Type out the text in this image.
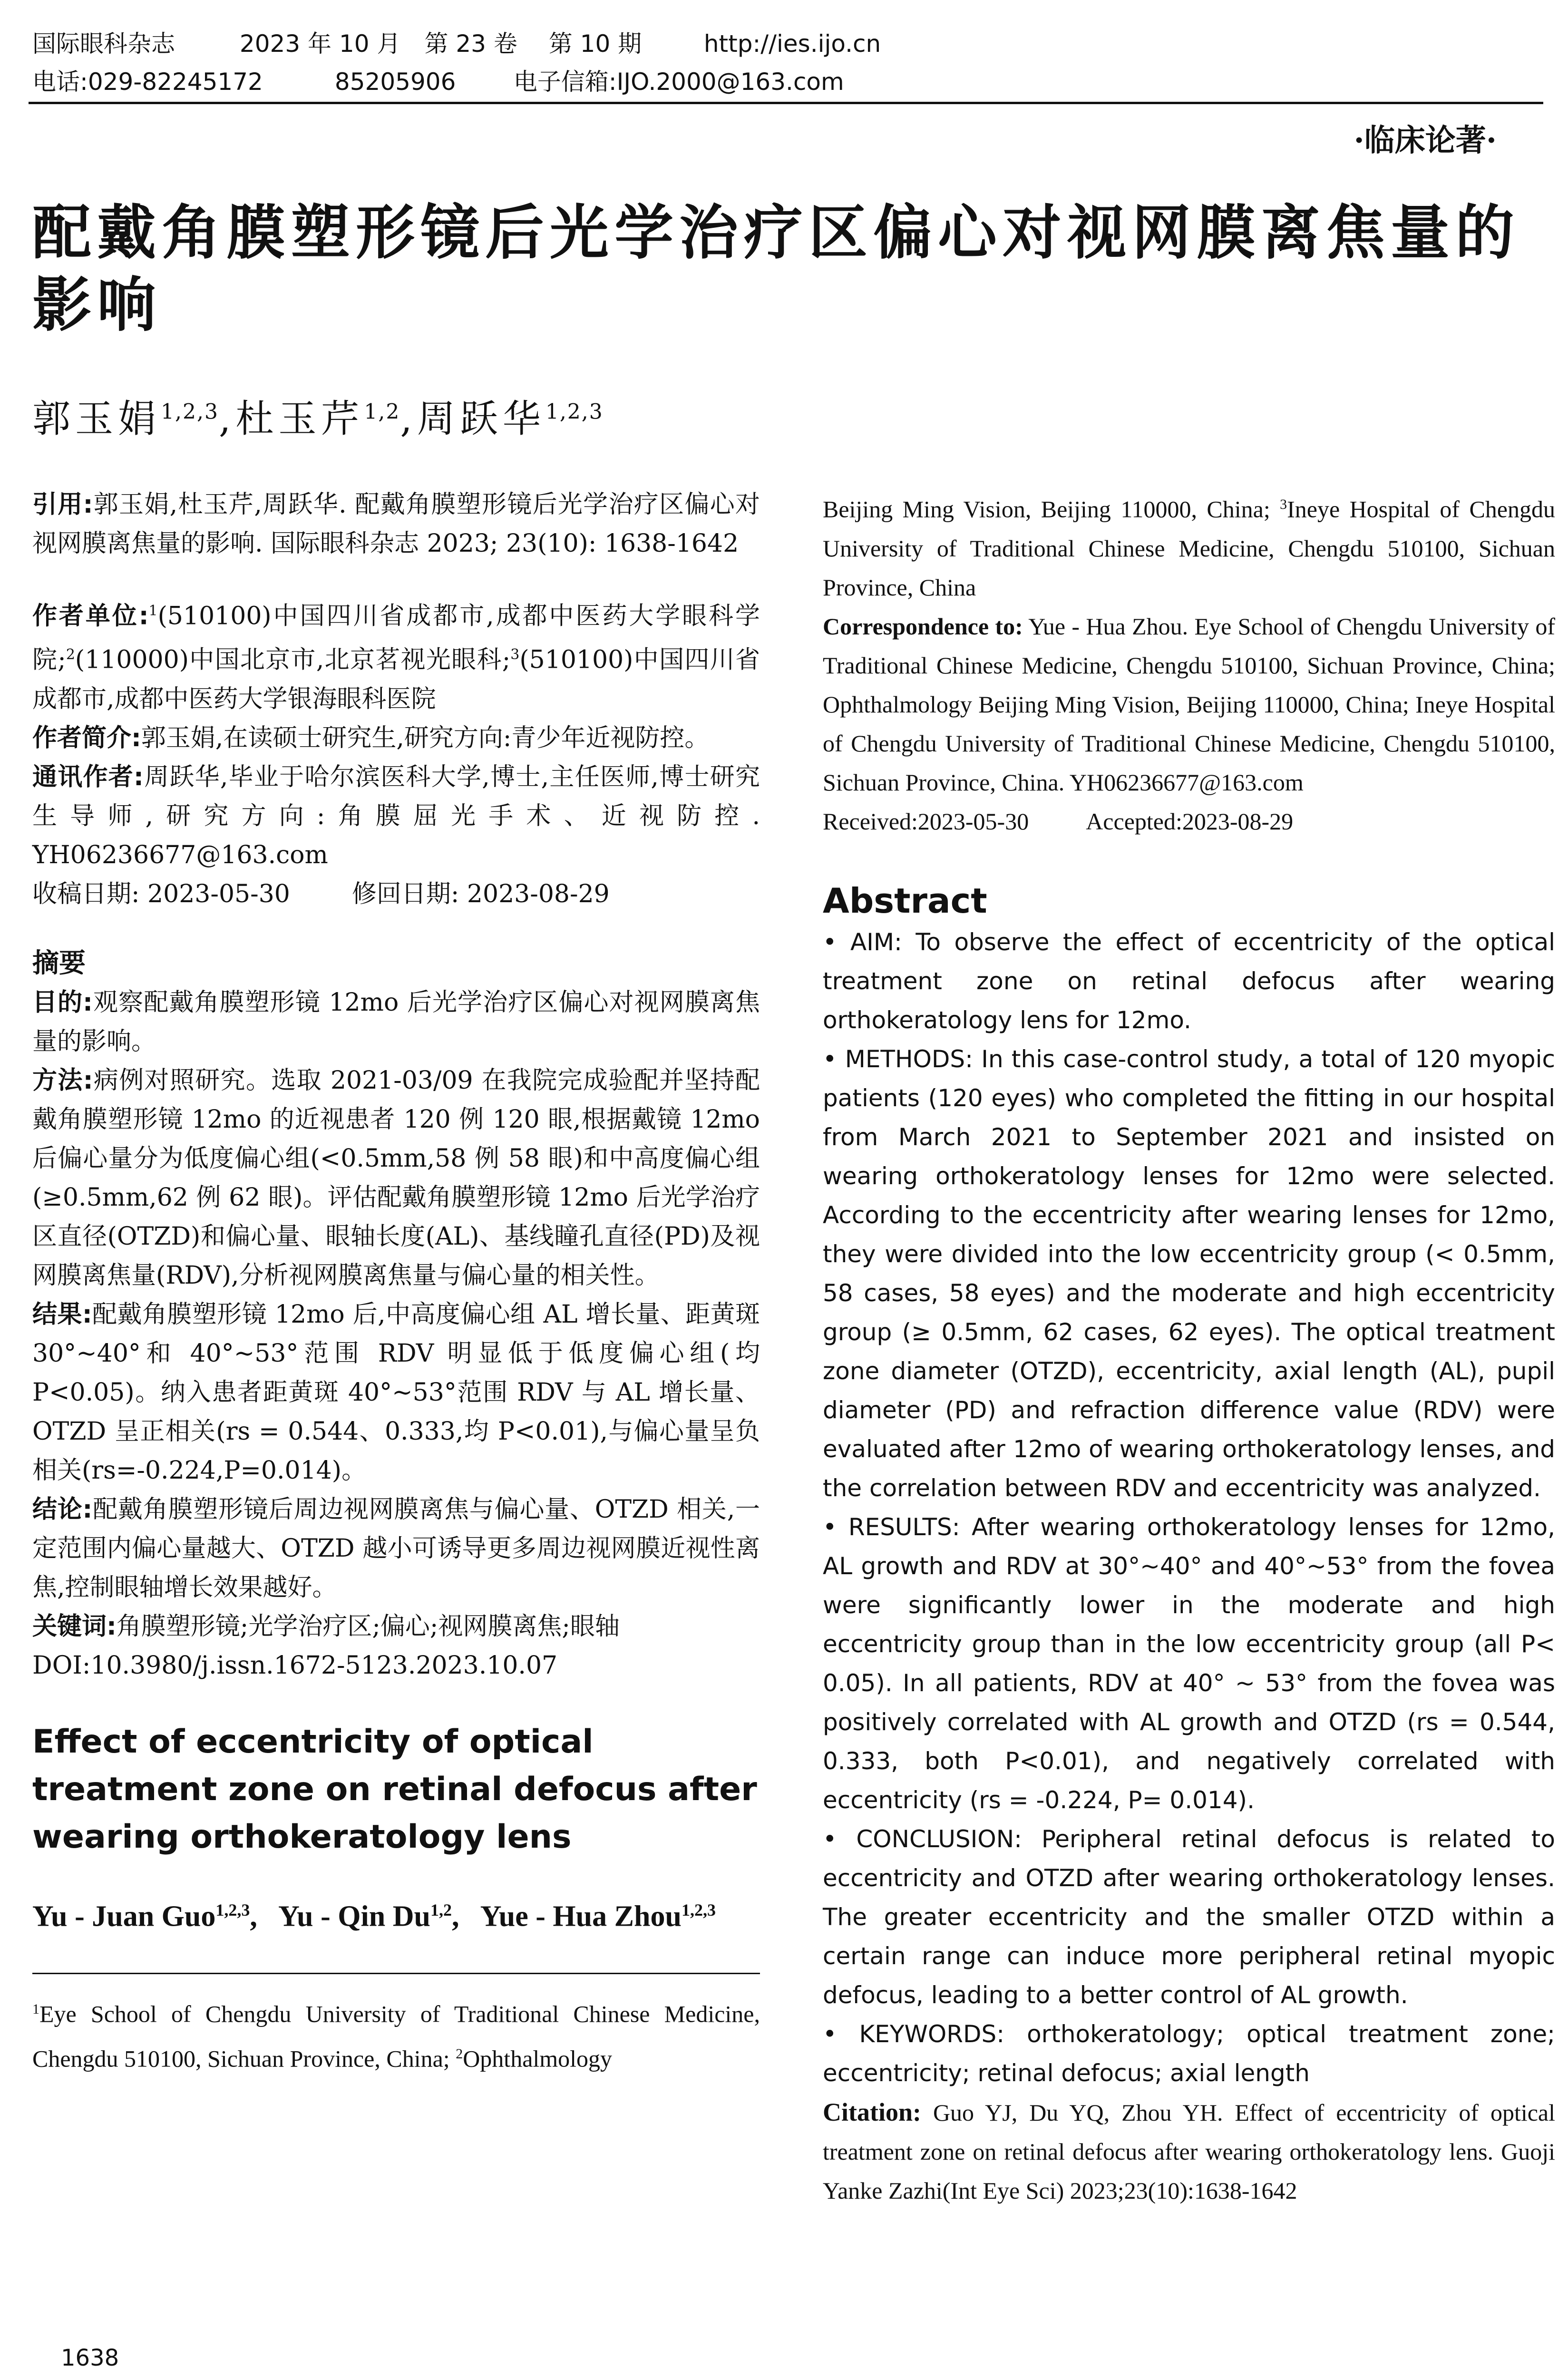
国际眼科杂志	2023 年 10 月　第 23 卷　 第 10 期	http://ies.ijo.cn
电话:029-82245172	85205906 电子信箱:IJO.2000@163.com
·临床论著·
配戴角膜塑形镜后光学治疗区偏心对视网膜离焦量的影响
郭玉娟$^{1,2,3}$,杜玉芹$^{1,2}$,周跃华$^{1,2,3}$

引用:郭玉娟,杜玉芹,周跃华. 配戴角膜塑形镜后光学治疗区偏心对视网膜离焦量的影响. 国际眼科杂志 2023; 23(10): 1638-1642

作者单位:$^1$(510100)中国四川省成都市,成都中医药大学眼科学院;$^2$(110000)中国北京市,北京茗视光眼科;$^3$(510100)中国四川省成都市,成都中医药大学银海眼科医院

作者简介:郭玉娟,在读硕士研究生,研究方向:青少年近视防控。

通讯作者:周跃华,毕业于哈尔滨医科大学,博士,主任医师,博士研究生导师,研究方向:角膜屈光手术、近视防控. YH06236677@163.com

收稿日期: 2023-05-30	修回日期: 2023-08-29

摘要

目的:观察配戴角膜塑形镜 12mo 后光学治疗区偏心对视网膜离焦量的影响。

方法:病例对照研究。选取 2021-03/09 在我院完成验配并坚持配戴角膜塑形镜 12mo 的近视患者 120 例 120 眼,根据戴镜 12mo 后偏心量分为低度偏心组(<0.5mm,58 例 58 眼)和中高度偏心组(≥0.5mm,62 例 62 眼)。评估配戴角膜塑形镜 12mo 后光学治疗区直径(OTZD)和偏心量、眼轴长度(AL)、基线瞳孔直径(PD)及视网膜离焦量(RDV),分析视网膜离焦量与偏心量的相关性。

结果:配戴角膜塑形镜 12mo 后,中高度偏心组 AL 增长量、距黄斑 30°~40°和 40°~53°范围 RDV 明显低于低度偏心组(均 P<0.05)。纳入患者距黄斑 40°~53°范围 RDV 与 AL 增长量、OTZD 呈正相关(rs = 0.544、0.333,均 P<0.01),与偏心量呈负相关(rs=-0.224,P=0.014)。

结论:配戴角膜塑形镜后周边视网膜离焦与偏心量、OTZD 相关,一定范围内偏心量越大、OTZD 越小可诱导更多周边视网膜近视性离焦,控制眼轴增长效果越好。

关键词:角膜塑形镜;光学治疗区;偏心;视网膜离焦;眼轴

DOI:10.3980/j.issn.1672-5123.2023.10.07

Effect of eccentricity of optical treatment zone on retinal defocus after wearing orthokeratology lens
Yu - Juan Guo$^{1,2,3}$,   Yu - Qin Du$^{1,2}$,   Yue - Hua Zhou$^{1,2,3}$

$^1$Eye School of Chengdu University of Traditional Chinese Medicine, Chengdu 510100, Sichuan Province, China; $^2$Ophthalmology

Beijing Ming Vision, Beijing 110000, China; $^3$Ineye Hospital of Chengdu University of Traditional Chinese Medicine, Chengdu 510100, Sichuan Province, China

Correspondence to: Yue - Hua Zhou. Eye School of Chengdu University of Traditional Chinese Medicine, Chengdu 510100, Sichuan Province, China; Ophthalmology Beijing Ming Vision, Beijing 110000, China; Ineye Hospital of Chengdu University of Traditional Chinese Medicine, Chengdu 510100, Sichuan Province, China. YH06236677@163.com

Received:2023-05-30 Accepted:2023-08-29

Abstract

• AIM: To observe the effect of eccentricity of the optical treatment zone on retinal defocus after wearing orthokeratology lens for 12mo.

• METHODS: In this case-control study, a total of 120 myopic patients (120 eyes) who completed the fitting in our hospital from March 2021 to September 2021 and insisted on wearing orthokeratology lenses for 12mo were selected. According to the eccentricity after wearing lenses for 12mo, they were divided into the low eccentricity group (< 0.5mm, 58 cases, 58 eyes) and the moderate and high eccentricity group (≥ 0.5mm, 62 cases, 62 eyes). The optical treatment zone diameter (OTZD), eccentricity, axial length (AL), pupil diameter (PD) and refraction difference value (RDV) were evaluated after 12mo of wearing orthokeratology lenses, and the correlation between RDV and eccentricity was analyzed.

• RESULTS: After wearing orthokeratology lenses for 12mo, AL growth and RDV at 30°~40° and 40°~53° from the fovea were significantly lower in the moderate and high eccentricity group than in the low eccentricity group (all P< 0.05). In all patients, RDV at 40° ~ 53° from the fovea was positively correlated with AL growth and OTZD (rs = 0.544, 0.333, both P<0.01), and negatively correlated with eccentricity (rs = -0.224, P= 0.014).

• CONCLUSION: Peripheral retinal defocus is related to eccentricity and OTZD after wearing orthokeratology lenses. The greater eccentricity and the smaller OTZD within a certain range can induce more peripheral retinal myopic defocus, leading to a better control of AL growth.

• KEYWORDS: orthokeratology; optical treatment zone; eccentricity; retinal defocus; axial length

Citation: Guo YJ, Du YQ, Zhou YH. Effect of eccentricity of optical treatment zone on retinal defocus after wearing orthokeratology lens. Guoji Yanke Zazhi(Int Eye Sci) 2023;23(10):1638-1642

1638
